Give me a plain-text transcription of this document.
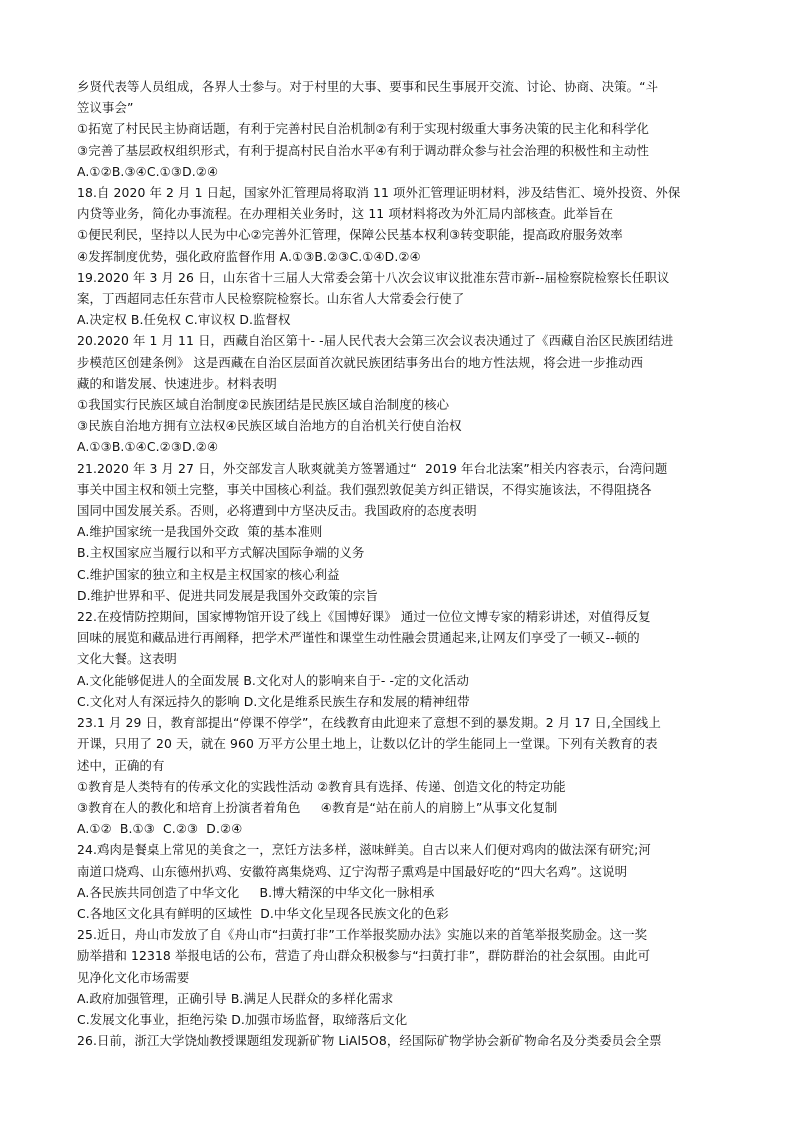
乡贤代表等人员组成，各界人士参与。对于村里的大事、要事和民生事展开交流、讨论、协商、决策。“斗

笠议事会”

①拓宽了村民民主协商话题，有利于完善村民自治机制②有利于实现村级重大事务决策的民主化和科学化

③完善了基层政权组织形式，有利于提高村民自治水平④有利于调动群众参与社会治理的积极性和主动性

A.①②B.③④C.①③D.②④

18.自 2020 年 2 月 1 日起，国家外汇管理局将取消 11 项外汇管理证明材料，涉及结售汇、境外投资、外保

内贷等业务，简化办事流程。在办理相关业务时，这 11 项材料将改为外汇局内部核查。此举旨在

①便民利民，坚持以人民为中心②完善外汇管理，保障公民基本权利③转变职能，提高政府服务效率

④发挥制度优势，强化政府监督作用 A.①③B.②③C.①④D.②④

19.2020 年 3 月 26 日，山东省十三届人大常委会第十八次会议审议批准东营市新--届检察院检察长任职议

案，丁西超同志任东营市人民检察院检察长。山东省人大常委会行使了

A.决定权 B.任免权 C.审议权 D.监督权

20.2020 年 1 月 11 日，西藏自治区第十- -届人民代表大会第三次会议表决通过了《西藏自治区民族团结进

步模范区创建条例》 这是西藏在自治区层面首次就民族团结事务出台的地方性法规，将会进一步推动西

藏的和谐发展、快速进步。材料表明

①我国实行民族区域自治制度②民族团结是民族区域自治制度的核心

③民族自治地方拥有立法权④民族区域自治地方的自治机关行使自治权

A.①③B.①④C.②③D.②④

21.2020 年 3 月 27 日，外交部发言人耿爽就美方签署通过“  2019 年台北法案”相关内容表示，台湾问题

事关中国主权和领土完整，事关中国核心利益。我们强烈敦促美方纠正错误，不得实施该法，不得阻挠各

国同中国发展关系。否则，必将遭到中方坚决反击。我国政府的态度表明

A.维护国家统一是我国外交政  策的基本准则

B.主权国家应当履行以和平方式解决国际争端的义务

C.维护国家的独立和主权是主权国家的核心利益

D.维护世界和平、促进共同发展是我国外交政策的宗旨

22.在疫情防控期间，国家博物馆开设了线上《国博好课》 通过一位位文博专家的精彩讲述，对值得反复

回味的展览和藏品进行再阐释，把学术严谨性和课堂生动性融会贯通起来,让网友们享受了一顿又--顿的

文化大餐。这表明

A.文化能够促进人的全面发展 B.文化对人的影响来自于- -定的文化活动

C.文化对人有深远持久的影响 D.文化是维系民族生存和发展的精神纽带

23.1 月 29 日，教育部提出“停课不停学”，在线教育由此迎来了意想不到的暴发期。2 月 17 日,全国线上

开课，只用了 20 天，就在 960 万平方公里土地上，让数以亿计的学生能同上一堂课。下列有关教育的表

述中，正确的有

①教育是人类特有的传承文化的实践性活动 ②教育具有选择、传递、创造文化的特定功能

③教育在人的教化和培育上扮演者着角色     ④教育是“站在前人的肩膀上”从事文化复制

A.①②  B.①③  C.②③  D.②④

24.鸡肉是餐桌上常见的美食之一，烹饪方法多样，滋味鲜美。自古以来人们便对鸡肉的做法深有研究;河

南道口烧鸡、山东德州扒鸡、安徽符离集烧鸡、辽宁沟帮子熏鸡是中国最好吃的“四大名鸡”。这说明

A.各民族共同创造了中华文化     B.博大精深的中华文化一脉相承

C.各地区文化具有鲜明的区域性  D.中华文化呈现各民族文化的色彩

25.近日，舟山市发放了自《舟山市“扫黄打非”工作举报奖励办法》实施以来的首笔举报奖励金。这一奖

励举措和 12318 举报电话的公布，营造了舟山群众积极参与“扫黄打非”，群防群治的社会氛围。由此可

见净化文化市场需要

A.政府加强管理，正确引导 B.满足人民群众的多样化需求

C.发展文化事业，拒绝污染 D.加强市场监督，取缔落后文化

26.日前，浙江大学饶灿教授课题组发现新矿物 LiAl5O8，经国际矿物学协会新矿物命名及分类委员会全票
